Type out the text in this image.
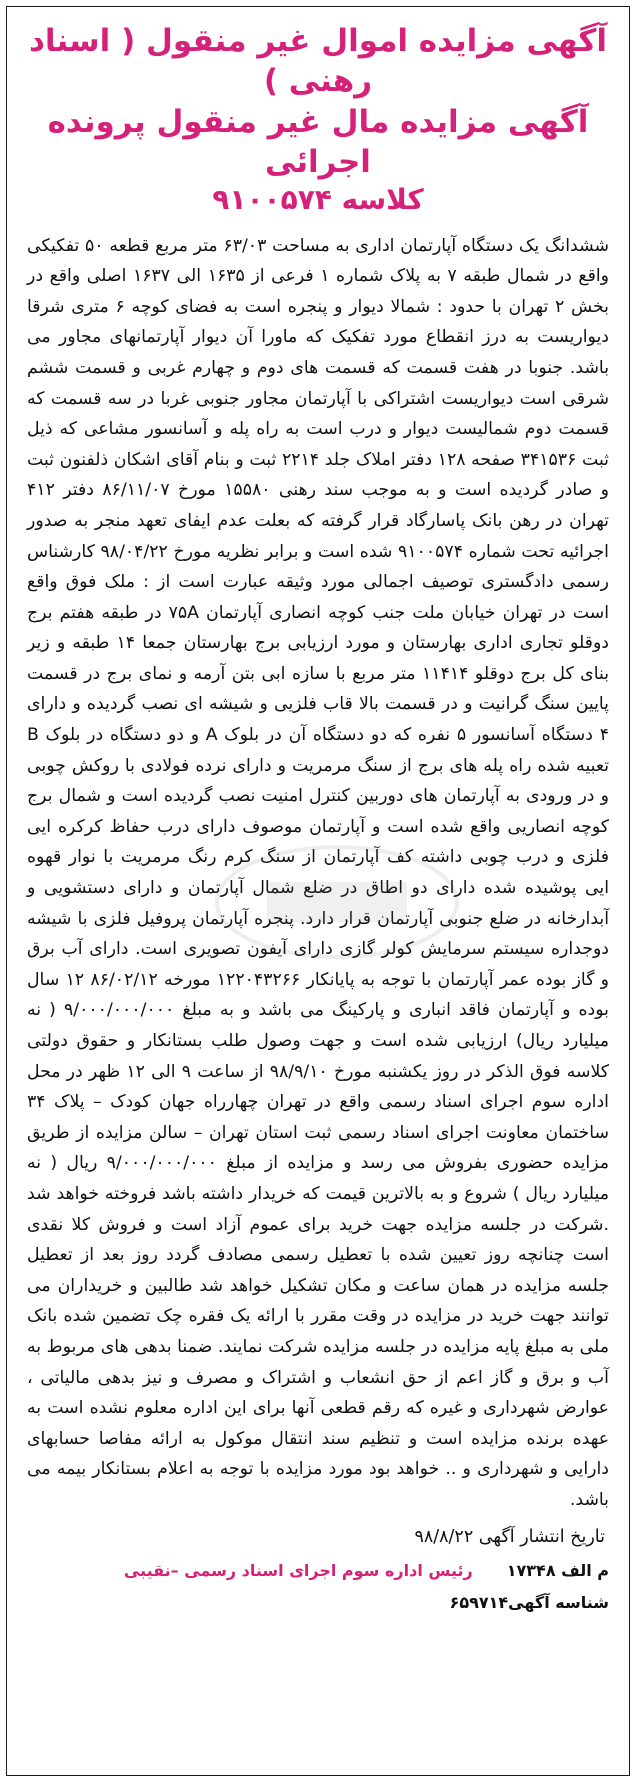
آگهی مزایده اموال غیر منقول ( اسناد رهنی )
آگهی مزایده مال غیر منقول پرونده اجرائی
کلاسه ۹۱۰۰۵۷۴
ششدانگ یک دستگاه آپارتمان اداری به مساحت ۶۳/۰۳ متر مربع قطعه ۵۰ تفکیکی واقع در شمال طبقه ۷ به پلاک شماره ۱ فرعی از ۱۶۳۵ الی ۱۶۳۷ اصلی واقع در بخش ۲ تهران با حدود : شمالا دیوار و پنجره است به فضای کوچه ۶ متری شرقا دیواریست به درز انقطاع مورد تفکیک که ماورا آن دیوار آپارتمانهای مجاور می باشد. جنوبا در هفت قسمت که قسمت های دوم و چهارم غربی و قسمت ششم شرقی است دیواریست اشتراکی با آپارتمان مجاور جنوبی غربا در سه قسمت که قسمت دوم شمالیست دیوار و درب است به راه پله و آسانسور مشاعی که ذیل ثبت ۳۴۱۵۳۶ صفحه ۱۲۸ دفتر املاک جلد ۲۲۱۴ ثبت و بنام آقای اشکان ذلفنون ثبت و صادر گردیده است و به موجب سند رهنی ۱۵۵۸۰ مورخ ۸۶/۱۱/۰۷ دفتر ۴۱۲ تهران در رهن بانک پاسارگاد قرار گرفته که بعلت عدم ایفای تعهد منجر به صدور اجرائیه تحت شماره ۹۱۰۰۵۷۴ شده است و برابر نظریه مورخ ۹۸/۰۴/۲۲ کارشناس رسمی دادگستری توصیف اجمالی مورد وثیقه عبارت است از : ملک فوق واقع است در تهران خیابان ملت جنب کوچه انصاری آپارتمان ۷۵A در طبقه هفتم برج دوقلو تجاری اداری بهارستان و مورد ارزیابی برج بهارستان جمعا ۱۴ طبقه و زیر بنای کل برج دوقلو ۱۱۴۱۴ متر مربع با سازه ابی بتن آرمه و نمای برج در قسمت پایین سنگ گرانیت و در قسمت بالا قاب فلزیی و شیشه ای نصب گردیده و دارای ۴ دستگاه آسانسور ۵ نفره که دو دستگاه آن در بلوک A و دو دستگاه در بلوک B تعبیه شده راه پله های برج از سنگ مرمریت و دارای نرده فولادی با روکش چوبی و در ورودی به آپارتمان های دوربین کنترل امنیت نصب گردیده است و شمال برج کوچه انصاریی واقع شده است و آپارتمان موصوف دارای درب حفاظ کرکره ایی فلزی و درب چوبی داشته کف آپارتمان از سنگ کرم رنگ مرمریت با نوار قهوه ایی پوشیده شده دارای دو اطاق در ضلع شمال آپارتمان و دارای دستشویی و آبدارخانه در ضلع جنوبی آپارتمان قرار دارد. پنجره آپارتمان پروفیل فلزی با شیشه دوجداره سیستم سرمایش کولر گازی دارای آیفون تصویری است. دارای آب برق و گاز بوده عمر آپارتمان با توجه به پایانکار ۱۲۲۰۴۳۲۶۶ مورخه ۸۶/۰۲/۱۲ ۱۲ سال بوده و آپارتمان فاقد انباری و پارکینگ می باشد و به مبلغ ۹/۰۰۰/۰۰۰/۰۰۰ ( نه میلیارد ریال) ارزیابی شده است و جهت وصول طلب بستانکار و حقوق دولتی کلاسه فوق الذکر در روز یکشنبه مورخ ۹۸/۹/۱۰ از ساعت ۹ الی ۱۲ ظهر در محل اداره سوم اجرای اسناد رسمی واقع در تهران چهارراه جهان کودک – پلاک ۳۴ ساختمان معاونت اجرای اسناد رسمی ثبت استان تهران – سالن مزایده از طریق مزایده حضوری بفروش می رسد و مزایده از مبلغ ۹/۰۰۰/۰۰۰/۰۰۰ ریال ( نه میلیارد ریال ) شروع و به بالاترین قیمت که خریدار داشته باشد فروخته خواهد شد .شرکت در جلسه مزایده جهت خرید برای عموم آزاد است و فروش کلا نقدی است چنانچه روز تعیین شده با تعطیل رسمی مصادف گردد روز بعد از تعطیل جلسه مزایده در همان ساعت و مکان تشکیل خواهد شد طالبین و خریداران می توانند جهت خرید در مزایده در وقت مقرر با ارائه یک فقره چک تضمین شده بانک ملی به مبلغ پایه مزایده در جلسه مزایده شرکت نمایند. ضمنا بدهی های مربوط به آب و برق و گاز اعم از حق انشعاب و اشتراک و مصرف و نیز بدهی مالیاتی ، عوارض شهرداری و غیره که رقم قطعی آنها برای این اداره معلوم نشده است به عهده برنده مزایده است و تنظیم سند انتقال موکول به ارائه مفاصا حسابهای دارایی و شهرداری و .. خواهد بود مورد مزایده با توجه به اعلام بستانکار بیمه می باشد.
تاریخ انتشار آگهی ۹۸/۸/۲۲
م الف ۱۷۳۴۸
رئیس اداره سوم اجرای اسناد رسمی –نقیبی
شناسه آگهی۶۵۹۷۱۴
